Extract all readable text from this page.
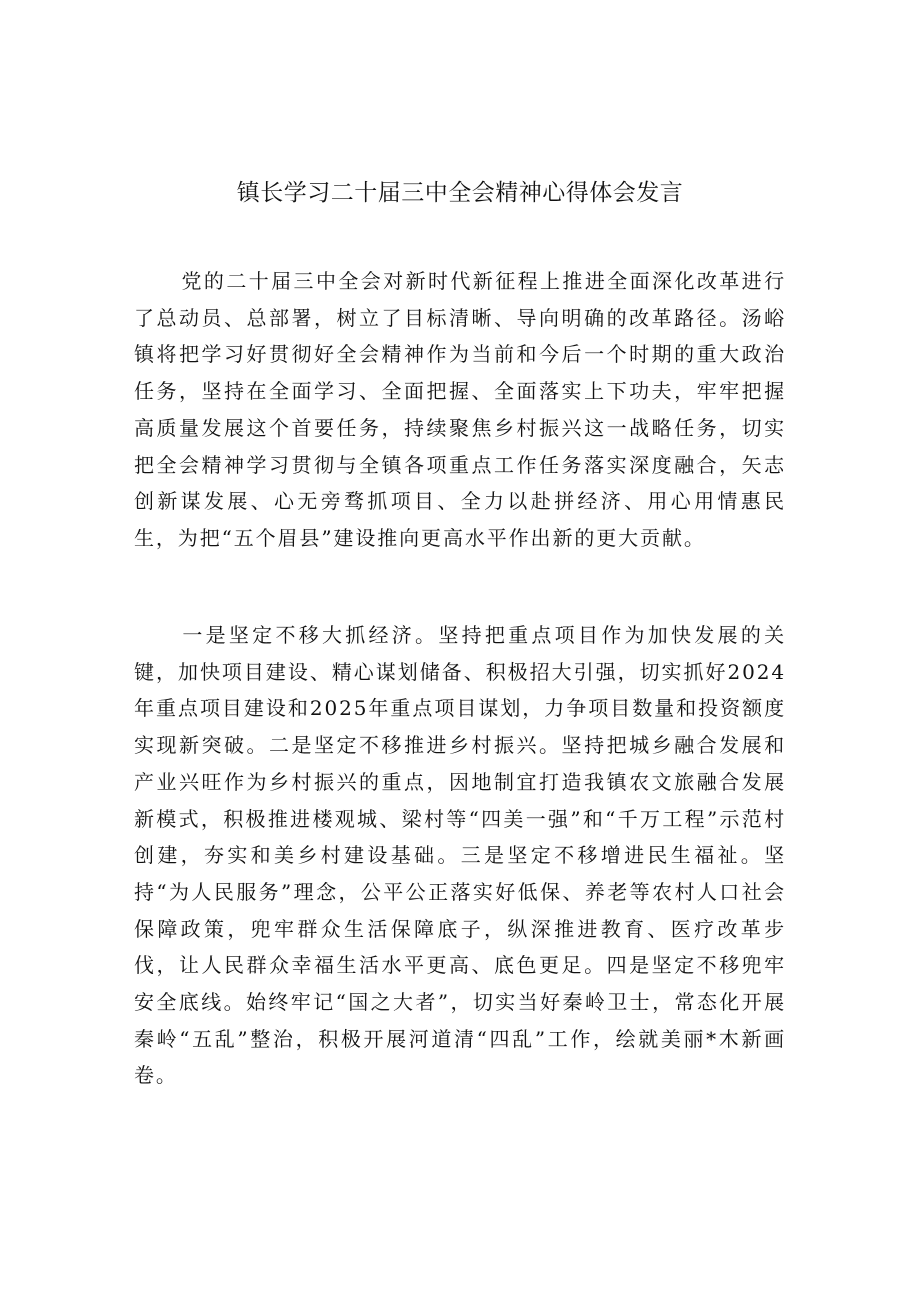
镇长学习二十届三中全会精神心得体会发言

党的二十届三中全会对新时代新征程上推进全面深化改革进行了总动员、总部署，树立了目标清晰、导向明确的改革路径。汤峪镇将把学习好贯彻好全会精神作为当前和今后一个时期的重大政治任务，坚持在全面学习、全面把握、全面落实上下功夫，牢牢把握高质量发展这个首要任务，持续聚焦乡村振兴这一战略任务，切实把全会精神学习贯彻与全镇各项重点工作任务落实深度融合，矢志创新谋发展、心无旁骛抓项目、全力以赴拼经济、用心用情惠民生，为把“五个眉县”建设推向更高水平作出新的更大贡献。

一是坚定不移大抓经济。坚持把重点项目作为加快发展的关键，加快项目建设、精心谋划储备、积极招大引强，切实抓好2024年重点项目建设和2025年重点项目谋划，力争项目数量和投资额度实现新突破。二是坚定不移推进乡村振兴。坚持把城乡融合发展和产业兴旺作为乡村振兴的重点，因地制宜打造我镇农文旅融合发展新模式，积极推进楼观城、梁村等“四美一强”和“千万工程”示范村创建，夯实和美乡村建设基础。三是坚定不移增进民生福祉。坚持“为人民服务”理念，公平公正落实好低保、养老等农村人口社会保障政策，兜牢群众生活保障底子，纵深推进教育、医疗改革步伐，让人民群众幸福生活水平更高、底色更足。四是坚定不移兜牢安全底线。始终牢记“国之大者”，切实当好秦岭卫士，常态化开展秦岭“五乱”整治，积极开展河道清“四乱”工作，绘就美丽*木新画卷。
